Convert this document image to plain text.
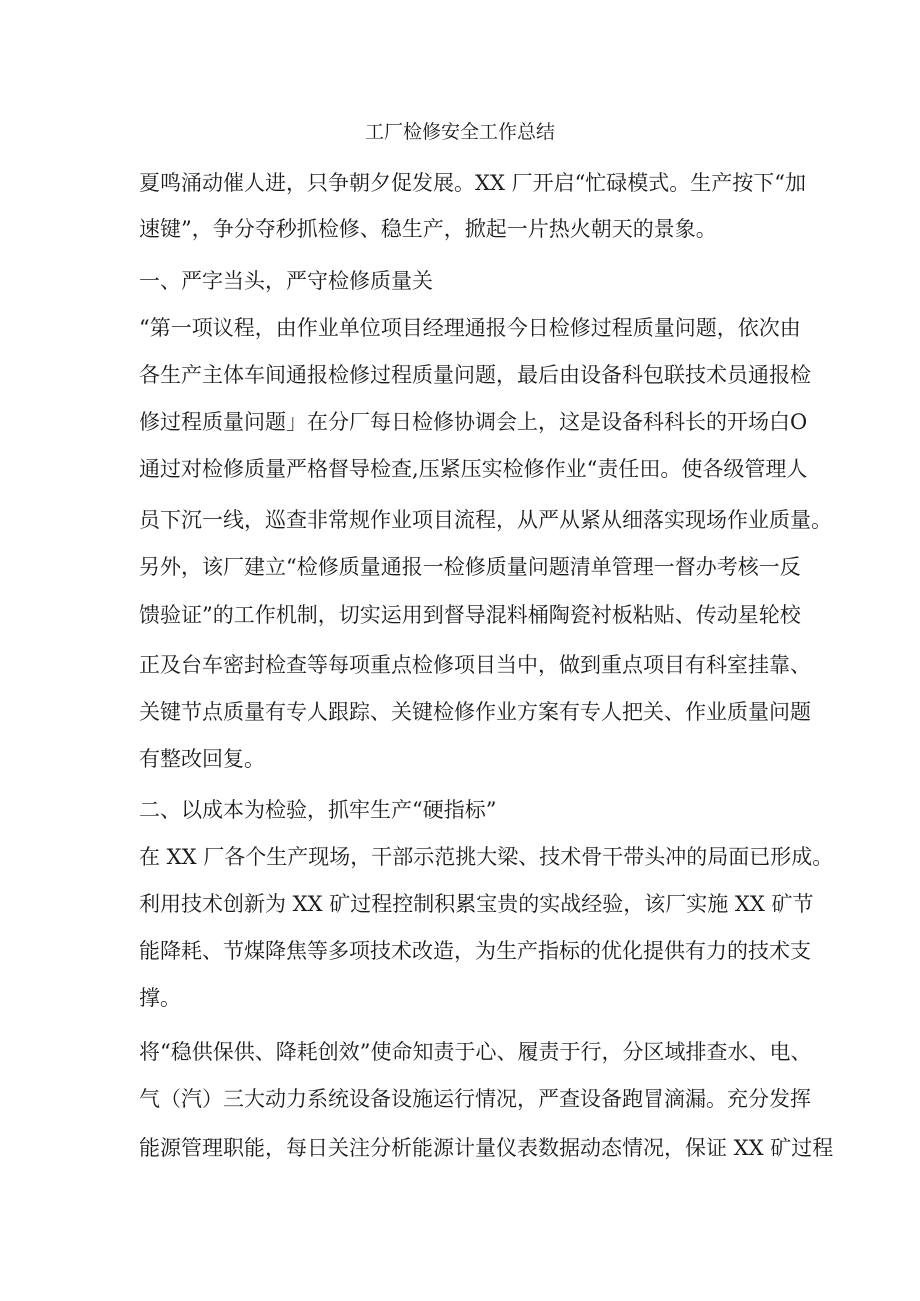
工厂检修安全工作总结
夏鸣涌动催人进，只争朝夕促发展。XX 厂开启“忙碌模式。生产按下“加
速键”，争分夺秒抓检修、稳生产，掀起一片热火朝天的景象。
一、严字当头，严守检修质量关
“第一项议程，由作业单位项目经理通报今日检修过程质量问题，依次由
各生产主体车间通报检修过程质量问题，最后由设备科包联技术员通报检
修过程质量问题」在分厂每日检修协调会上，这是设备科科长的开场白O
通过对检修质量严格督导检查,压紧压实检修作业“责任田。使各级管理人
员下沉一线，巡查非常规作业项目流程，从严从紧从细落实现场作业质量。
另外，该厂建立“检修质量通报一检修质量问题清单管理一督办考核一反
馈验证”的工作机制，切实运用到督导混料桶陶瓷衬板粘贴、传动星轮校
正及台车密封检查等每项重点检修项目当中，做到重点项目有科室挂靠、
关键节点质量有专人跟踪、关键检修作业方案有专人把关、作业质量问题
有整改回复。
二、以成本为检验，抓牢生产“硬指标”
在 XX 厂各个生产现场，干部示范挑大梁、技术骨干带头冲的局面已形成。
利用技术创新为 XX 矿过程控制积累宝贵的实战经验，该厂实施 XX 矿节
能降耗、节煤降焦等多项技术改造，为生产指标的优化提供有力的技术支
撑。
将“稳供保供、降耗创效”使命知责于心、履责于行，分区域排查水、电、
气（汽）三大动力系统设备设施运行情况，严查设备跑冒滴漏。充分发挥
能源管理职能，每日关注分析能源计量仪表数据动态情况，保证 XX 矿过程
